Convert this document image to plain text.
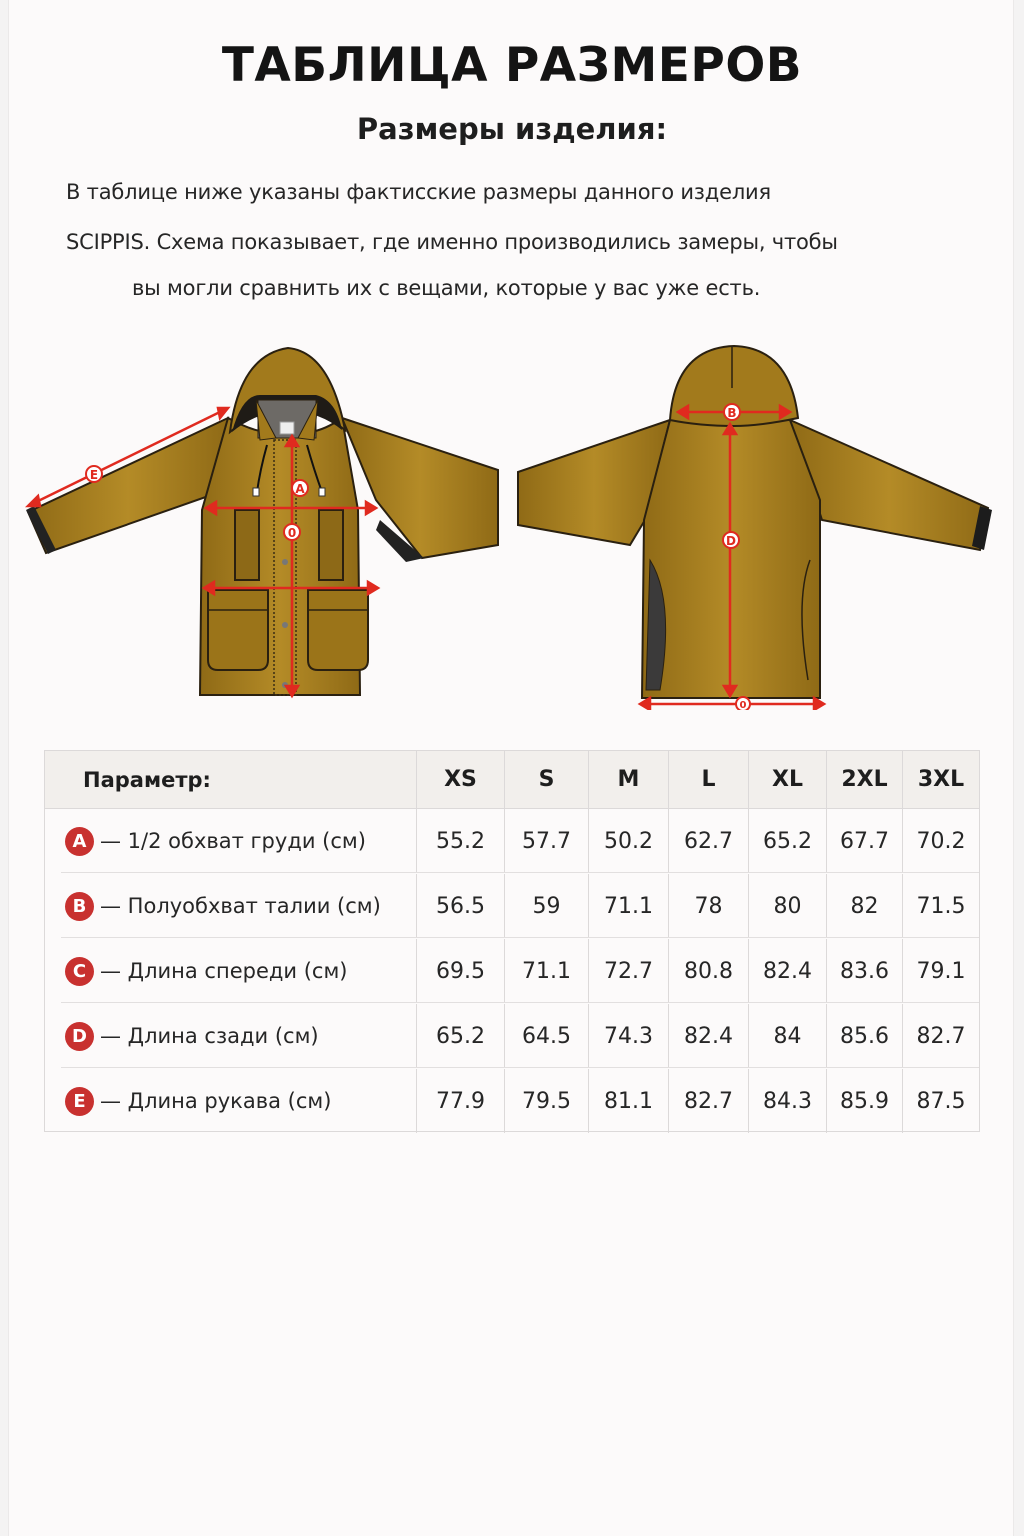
ТАБЛИЦА РАЗМЕРОВ
Размеры изделия:

В таблице ниже указаны фактисские размеры данного изделия

SCIPPIS. Схема показывает, где именно производились замеры, чтобы

вы могли сравнить их с вещами, которые у вас уже есть.

E
A
0
B
D
0
Параметр:	XS	S	M	L	XL	2XL	3XL
A — 1/2 обхват груди (см)	55.2	57.7	50.2	62.7	65.2	67.7	70.2
B — Полуобхват талии (см)	56.5	59	71.1	78	80	82	71.5
C — Длина спереди (см)	69.5	71.1	72.7	80.8	82.4	83.6	79.1
D — Длина сзади (см)	65.2	64.5	74.3	82.4	84	85.6	82.7
E — Длина рукава (см)	77.9	79.5	81.1	82.7	84.3	85.9	87.5
